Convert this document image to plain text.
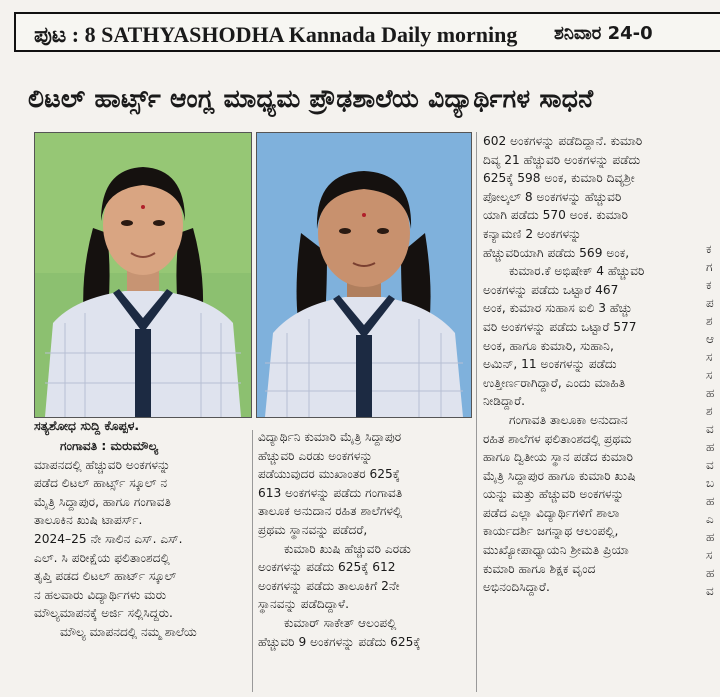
ಪುಟ : 8 SATHYASHODHA Kannada Daily morning ಶನಿವಾರ 24-0
ಲಿಟಲ್ ಹಾರ್ಟ್ಸ್ ಆಂಗ್ಲ ಮಾಧ್ಯಮ ಪ್ರೌಢಶಾಲೆಯ ವಿದ್ಯಾರ್ಥಿಗಳ ಸಾಧನೆ
ಸತ್ಯಶೋಧ ಸುದ್ದಿ ಕೊಪ್ಪಳ.

ಗಂಗಾವತಿ : ಮರುಮೌಲ್ಯ

ಮಾಪನದಲ್ಲಿ ಹೆಚ್ಚುವರಿ ಅಂಕಗಳನ್ನು

ಪಡೆದ ಲಿಟಲ್ ಹಾರ್ಟ್ಸ್ ಸ್ಕೂಲ್ ನ

ಮೈತ್ರಿ ಸಿದ್ದಾಪುರ, ಹಾಗೂ ಗಂಗಾವತಿ

ತಾಲೂಕಿನ ಖುಷಿ ಟಾಪರ್ಸ್.

2024–25 ನೇ ಸಾಲಿನ ಎಸ್. ಎಸ್.

ಎಲ್. ಸಿ ಪರೀಕ್ಷೆಯ ಫಲಿತಾಂಶದಲ್ಲಿ

ತೃಪ್ತಿ ಪಡದ ಲಿಟಲ್ ಹಾರ್ಟ್ ಸ್ಕೂಲ್

ನ ಹಲವಾರು ವಿದ್ಯಾರ್ಥಿಗಳು ಮರು

ಮೌಲ್ಯಮಾಪನಕ್ಕೆ ಅರ್ಜಿ ಸಲ್ಲಿಸಿದ್ದರು.

ಮೌಲ್ಯ ಮಾಪನದಲ್ಲಿ ನಮ್ಮ ಶಾಲೆಯ

ವಿದ್ಯಾರ್ಥಿನಿ ಕುಮಾರಿ ಮೈತ್ರಿ ಸಿದ್ದಾಪುರ

ಹೆಚ್ಚುವರಿ ಎರಡು ಅಂಕಗಳನ್ನು

ಪಡೆಯುವುದರ ಮುಖಾಂತರ 625ಕ್ಕೆ

613 ಅಂಕಗಳನ್ನು ಪಡೆದು ಗಂಗಾವತಿ

ತಾಲೂಕ ಅನುದಾನ ರಹಿತ ಶಾಲೆಗಳಲ್ಲಿ

ಪ್ರಥಮ ಸ್ಥಾನವನ್ನು ಪಡೆದರೆ,

ಕುಮಾರಿ ಖುಷಿ ಹೆಚ್ಚುವರಿ ಎರಡು

ಅಂಕಗಳನ್ನು ಪಡೆದು 625ಕ್ಕೆ 612

ಅಂಕಗಳನ್ನು ಪಡೆದು ತಾಲೂಕಿಗೆ 2ನೇ

ಸ್ಥಾನವನ್ನು ಪಡೆದಿದ್ದಾಳೆ.

ಕುಮಾರ್ ಸಾಕೇತ್ ಆಲಂಪಲ್ಲಿ

ಹೆಚ್ಚುವರಿ 9 ಅಂಕಗಳನ್ನು ಪಡೆದು 625ಕ್ಕೆ

602 ಅಂಕಗಳನ್ನು ಪಡೆದಿದ್ದಾನೆ. ಕುಮಾರಿ

ದಿವ್ಯ 21 ಹೆಚ್ಚುವರಿ ಅಂಕಗಳನ್ನು ಪಡೆದು

625ಕ್ಕೆ 598 ಅಂಕ, ಕುಮಾರಿ ದಿವ್ಯಶ್ರೀ

ಪೋಲ್ಕಲ್ 8 ಅಂಕಗಳನ್ನು ಹೆಚ್ಚುವರಿ

ಯಾಗಿ ಪಡೆದು 570 ಅಂಕ. ಕುಮಾರಿ

ಕನ್ಯಾಮಣಿ 2 ಅಂಕಗಳನ್ನು

ಹೆಚ್ಚುವರಿಯಾಗಿ ಪಡೆದು 569 ಅಂಕ,

ಕುಮಾರ.ಕೆ ಅಭಿಷೇಕ್ 4 ಹೆಚ್ಚುವರಿ

ಅಂಕಗಳನ್ನು ಪಡೆದು ಒಟ್ಟಾರೆ 467

ಅಂಕ, ಕುಮಾರ ಸುಹಾಸ ಐಲಿ 3 ಹೆಚ್ಚು

ವರಿ ಅಂಕಗಳನ್ನು ಪಡೆದು ಒಟ್ಟಾರೆ 577

ಅಂಕ, ಹಾಗೂ ಕುಮಾರಿ, ಸುಹಾನಿ,

ಅಮಿನ್, 11 ಅಂಕಗಳನ್ನು ಪಡೆದು

ಉತ್ತೀರ್ಣರಾಗಿದ್ದಾರೆ, ಎಂದು ಮಾಹಿತಿ

ನೀಡಿದ್ದಾರೆ.

ಗಂಗಾವತಿ ತಾಲೂಕಾ ಅನುದಾನ

ರಹಿತ ಶಾಲೆಗಳ ಫಲಿತಾಂಶದಲ್ಲಿ ಪ್ರಥಮ

ಹಾಗೂ ದ್ವಿತೀಯ ಸ್ಥಾನ ಪಡೆದ ಕುಮಾರಿ

ಮೈತ್ರಿ ಸಿದ್ದಾಪುರ ಹಾಗೂ ಕುಮಾರಿ ಖುಷಿ

ಯನ್ನು ಮತ್ತು ಹೆಚ್ಚುವರಿ ಅಂಕಗಳನ್ನು

ಪಡೆದ ಎಲ್ಲಾ ವಿದ್ಯಾರ್ಥಿಗಳಿಗೆ ಶಾಲಾ

ಕಾರ್ಯದರ್ಶಿ ಜಗನ್ನಾಥ ಆಲಂಪಲ್ಲಿ,

ಮುಖ್ಯೋಪಾಧ್ಯಾಯನಿ ಶ್ರೀಮತಿ ಪ್ರಿಯಾ

ಕುಮಾರಿ ಹಾಗೂ ಶಿಕ್ಷಕ ವೃಂದ

ಅಭಿನಂದಿಸಿದ್ದಾರೆ.

ಕ
ಗ
ಕ
ಪ
ಶ
ಆ
ಸ
ಸ
ಹ
ಶ
ವ
ಹ
ವ
ಬ
ಹ
ಎ
ಹ
ಸ
ಹ
ವ
